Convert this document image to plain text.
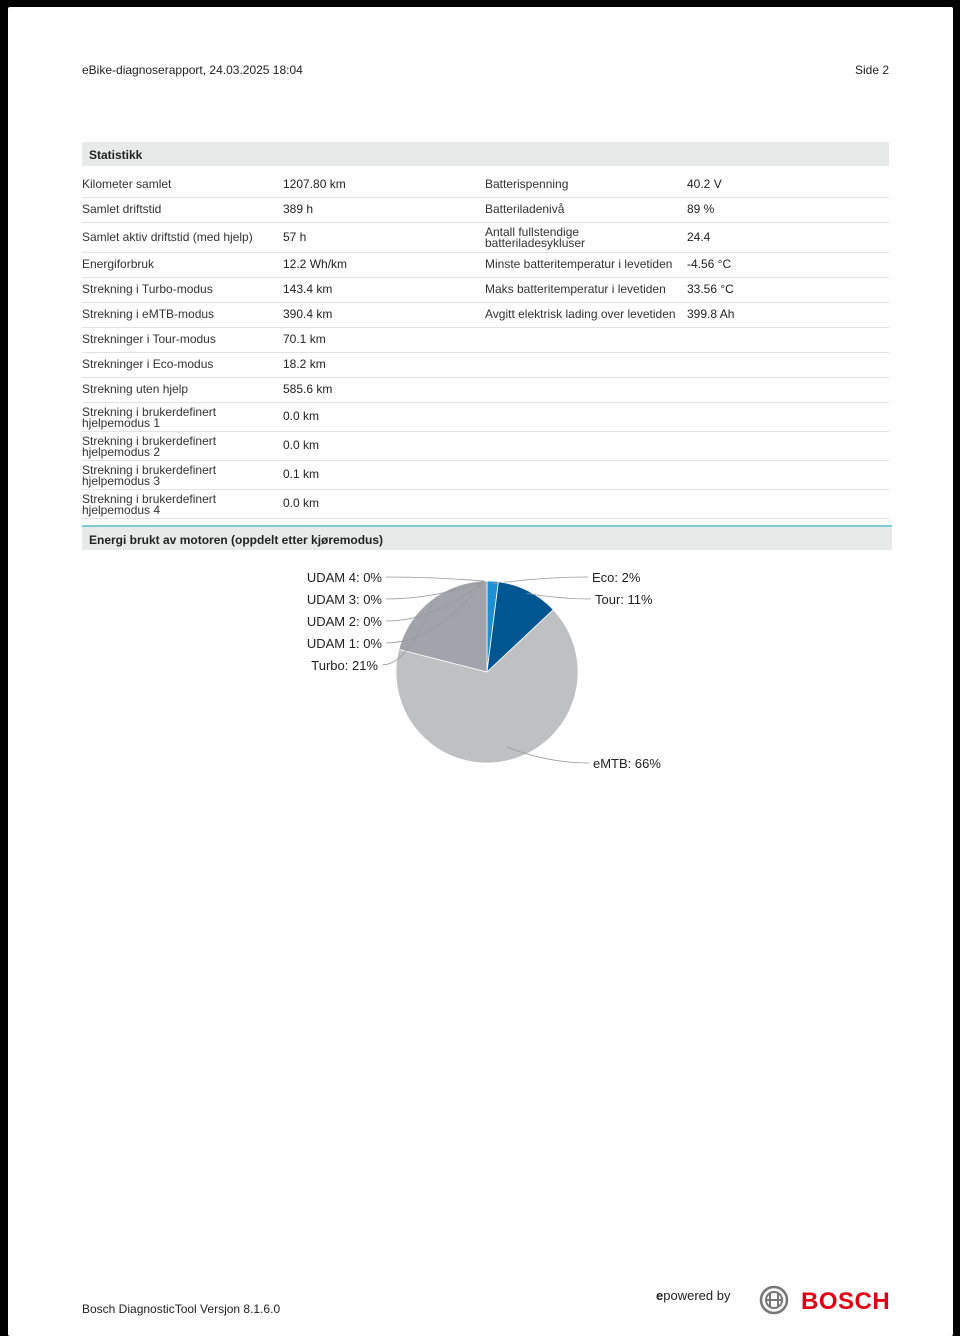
eBike-diagnoserapport, 24.03.2025 18:04	Side 2
Statistikk
Kilometer samlet	1207.80 km	Batterispenning	40.2 V
Samlet driftstid	389 h	Batteriladenivå	89 %
Samlet aktiv driftstid (med hjelp)	57 h	Antall fullstendige batteriladesykluser	24.4
Energiforbruk	12.2 Wh/km	Minste batteritemperatur i levetiden -4.56 °C
Strekning i Turbo-modus	143.4 km	Maks batteritemperatur i levetiden 33.56 °C
Strekning i eMTB-modus	390.4 km	Avgitt elektrisk lading over levetiden 399.8 Ah
Strekninger i Tour-modus	70.1 km
Strekninger i Eco-modus	18.2 km
Strekning uten hjelp	585.6 km
Strekning i brukerdefinert hjelpemodus 1	0.0 km
Strekning i brukerdefinert hjelpemodus 2	0.0 km
Strekning i brukerdefinert hjelpemodus 3	0.1 km
Strekning i brukerdefinert hjelpemodus 4	0.0 km
Energi brukt av motoren (oppdelt etter kjøremodus)
Eco: 2%
Tour: 11%
eMTB: 66%
Turbo: 21%
UDAM 1: 0%
UDAM 2: 0%
UDAM 3: 0%
UDAM 4: 0%
Bosch DiagnosticTool Versjon 8.1.6.0
epowered by	BOSCH
